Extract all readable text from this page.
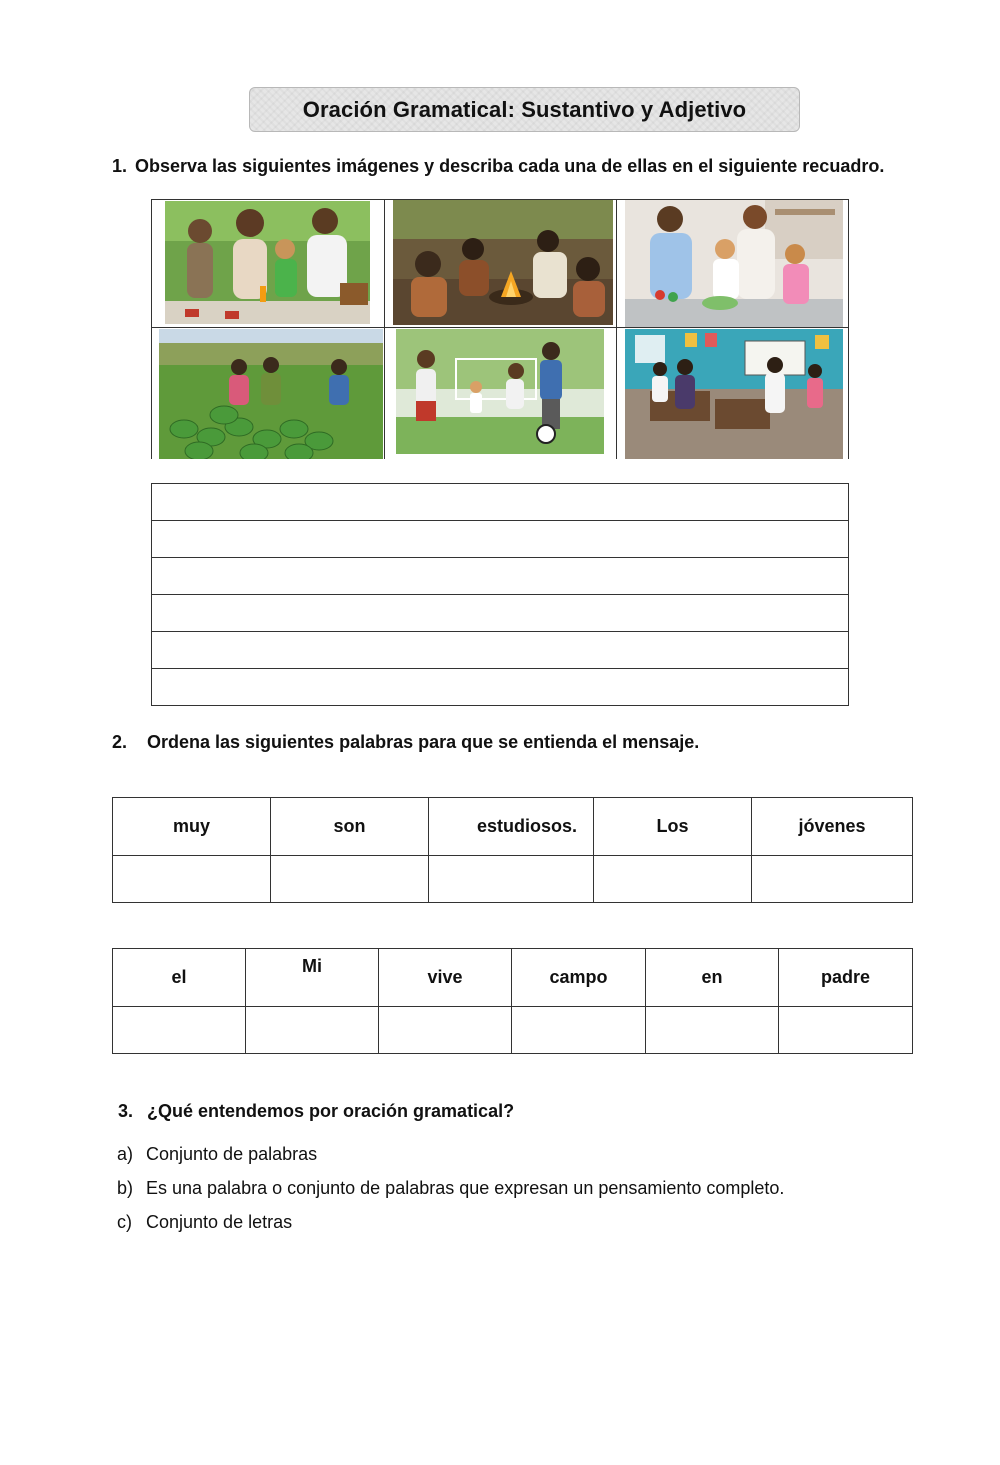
Oración Gramatical: Sustantivo y Adjetivo
1. Observa las siguientes imágenes y describa cada una de ellas en el siguiente recuadro.
2. Ordena las siguientes palabras para que se entienda el mensaje.
muy	son	estudiosos.	Los	jóvenes

el	Mi	vive	campo	en	padre

3. ¿Qué entendemos por oración gramatical?
a) Conjunto de palabras
b) Es una palabra o conjunto de palabras que expresan un pensamiento completo.
c) Conjunto de letras
